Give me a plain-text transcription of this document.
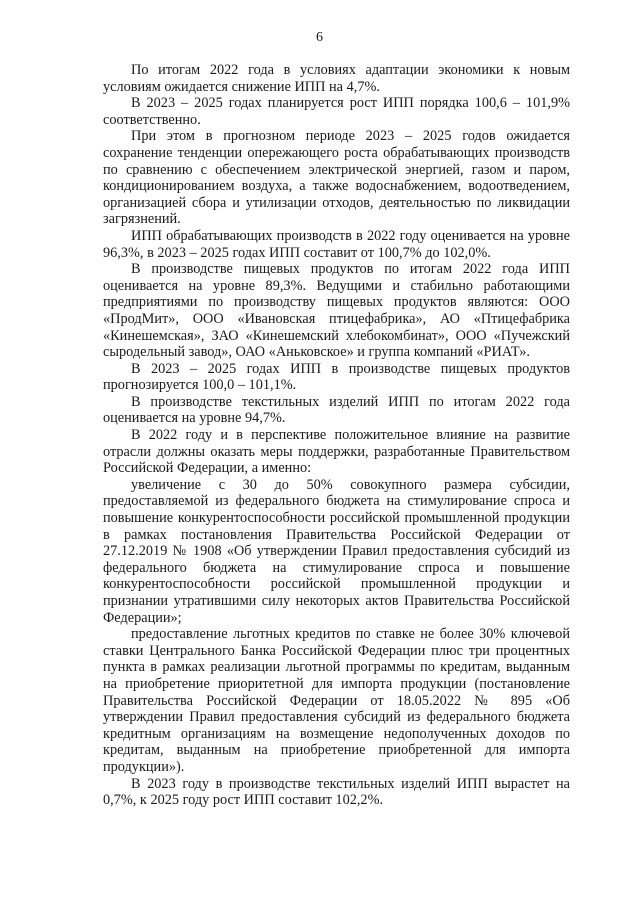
6

По итогам 2022 года в условиях адаптации экономики к новым условиям ожидается снижение ИПП на 4,7%.

В 2023 – 2025 годах планируется рост ИПП порядка 100,6 – 101,9% соответственно.

При этом в прогнозном периоде 2023 – 2025 годов ожидается сохранение тенденции опережающего роста обрабатывающих производств по сравнению с обеспечением электрической энергией, газом и паром, кондиционированием воздуха, а также водоснабжением, водоотведением, организацией сбора и утилизации отходов, деятельностью по ликвидации загрязнений.

ИПП обрабатывающих производств в 2022 году оценивается на уровне 96,3%, в 2023 – 2025 годах ИПП составит от 100,7% до 102,0%.

В производстве пищевых продуктов по итогам 2022 года ИПП оценивается на уровне 89,3%. Ведущими и стабильно работающими предприятиями по производству пищевых продуктов являются: ООО «ПродМит», ООО «Ивановская птицефабрика», АО «Птицефабрика «Кинешемская», ЗАО «Кинешемский хлебокомбинат», ООО «Пучежский сыродельный завод», ОАО «Аньковское» и группа компаний «РИАТ».

В 2023 – 2025 годах ИПП в производстве пищевых продуктов прогнозируется 100,0 – 101,1%.

В производстве текстильных изделий ИПП по итогам 2022 года оценивается на уровне 94,7%.

В 2022 году и в перспективе положительное влияние на развитие отрасли должны оказать меры поддержки, разработанные Правительством Российской Федерации, а именно:

увеличение с 30 до 50% совокупного размера субсидии, предоставляемой из федерального бюджета на стимулирование спроса и повышение конкурентоспособности российской промышленной продукции в рамках постановления Правительства Российской Федерации от 27.12.2019 № 1908 «Об утверждении Правил предоставления субсидий из федерального бюджета на стимулирование спроса и повышение конкурентоспособности российской промышленной продукции и признании утратившими силу некоторых актов Правительства Российской Федерации»;

предоставление льготных кредитов по ставке не более 30% ключевой ставки Центрального Банка Российской Федерации плюс три процентных пункта в рамках реализации льготной программы по кредитам, выданным на приобретение приоритетной для импорта продукции (постановление Правительства Российской Федерации от 18.05.2022 № 895 «Об утверждении Правил предоставления субсидий из федерального бюджета кредитным организациям на возмещение недополученных доходов по кредитам, выданным на приобретение приобретенной для импорта продукции»).

В 2023 году в производстве текстильных изделий ИПП вырастет на 0,7%, к 2025 году рост ИПП составит 102,2%.
